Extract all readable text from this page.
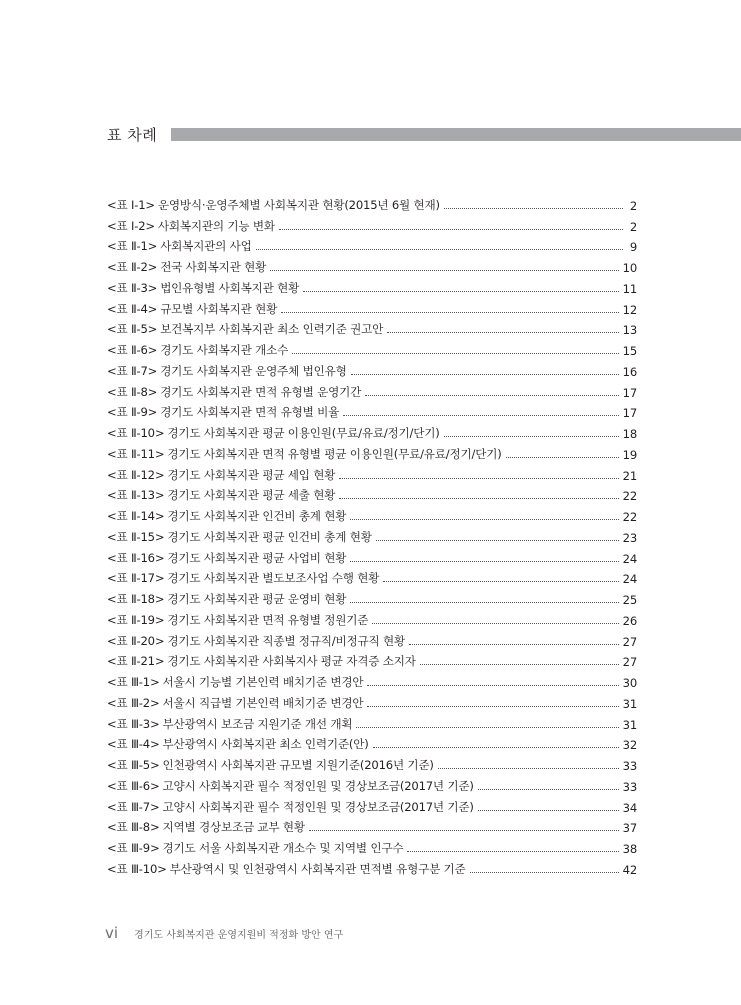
표 차례
<표 Ⅰ-1> 운영방식·운영주체별 사회복지관 현황(2015년 6월 현재)	2
<표 Ⅰ-2> 사회복지관의 기능 변화	2
<표 Ⅱ-1> 사회복지관의 사업	9
<표 Ⅱ-2> 전국 사회복지관 현황	10
<표 Ⅱ-3> 법인유형별 사회복지관 현황	11
<표 Ⅱ-4> 규모별 사회복지관 현황	12
<표 Ⅱ-5> 보건복지부 사회복지관 최소 인력기준 권고안	13
<표 Ⅱ-6> 경기도 사회복지관 개소수	15
<표 Ⅱ-7> 경기도 사회복지관 운영주체 법인유형	16
<표 Ⅱ-8> 경기도 사회복지관 면적 유형별 운영기간	17
<표 Ⅱ-9> 경기도 사회복지관 면적 유형별 비율	17
<표 Ⅱ-10> 경기도 사회복지관 평균 이용인원(무료/유료/정기/단기)	18
<표 Ⅱ-11> 경기도 사회복지관 면적 유형별 평균 이용인원(무료/유료/정기/단기)	19
<표 Ⅱ-12> 경기도 사회복지관 평균 세입 현황	21
<표 Ⅱ-13> 경기도 사회복지관 평균 세출 현황	22
<표 Ⅱ-14> 경기도 사회복지관 인건비 총계 현황	22
<표 Ⅱ-15> 경기도 사회복지관 평균 인건비 총계 현황	23
<표 Ⅱ-16> 경기도 사회복지관 평균 사업비 현황	24
<표 Ⅱ-17> 경기도 사회복지관 별도보조사업 수행 현황	24
<표 Ⅱ-18> 경기도 사회복지관 평균 운영비 현황	25
<표 Ⅱ-19> 경기도 사회복지관 면적 유형별 정원기준	26
<표 Ⅱ-20> 경기도 사회복지관 직종별 정규직/비정규직 현황	27
<표 Ⅱ-21> 경기도 사회복지관 사회복지사 평균 자격증 소지자	27
<표 Ⅲ-1> 서울시 기능별 기본인력 배치기준 변경안	30
<표 Ⅲ-2> 서울시 직급별 기본인력 배치기준 변경안	31
<표 Ⅲ-3> 부산광역시 보조금 지원기준 개선 개획	31
<표 Ⅲ-4> 부산광역시 사회복지관 최소 인력기준(안)	32
<표 Ⅲ-5> 인천광역시 사회복지관 규모별 지원기준(2016년 기준)	33
<표 Ⅲ-6> 고양시 사회복지관 필수 적정인원 및 경상보조금(2017년 기준)	33
<표 Ⅲ-7> 고양시 사회복지관 필수 적정인원 및 경상보조금(2017년 기준)	34
<표 Ⅲ-8> 지역별 경상보조금 교부 현황	37
<표 Ⅲ-9> 경기도 서울 사회복지관 개소수 및 지역별 인구수	38
<표 Ⅲ-10> 부산광역시 및 인천광역시 사회복지관 면적별 유형구분 기준	42
vi 경기도 사회복지관 운영지원비 적정화 방안 연구
